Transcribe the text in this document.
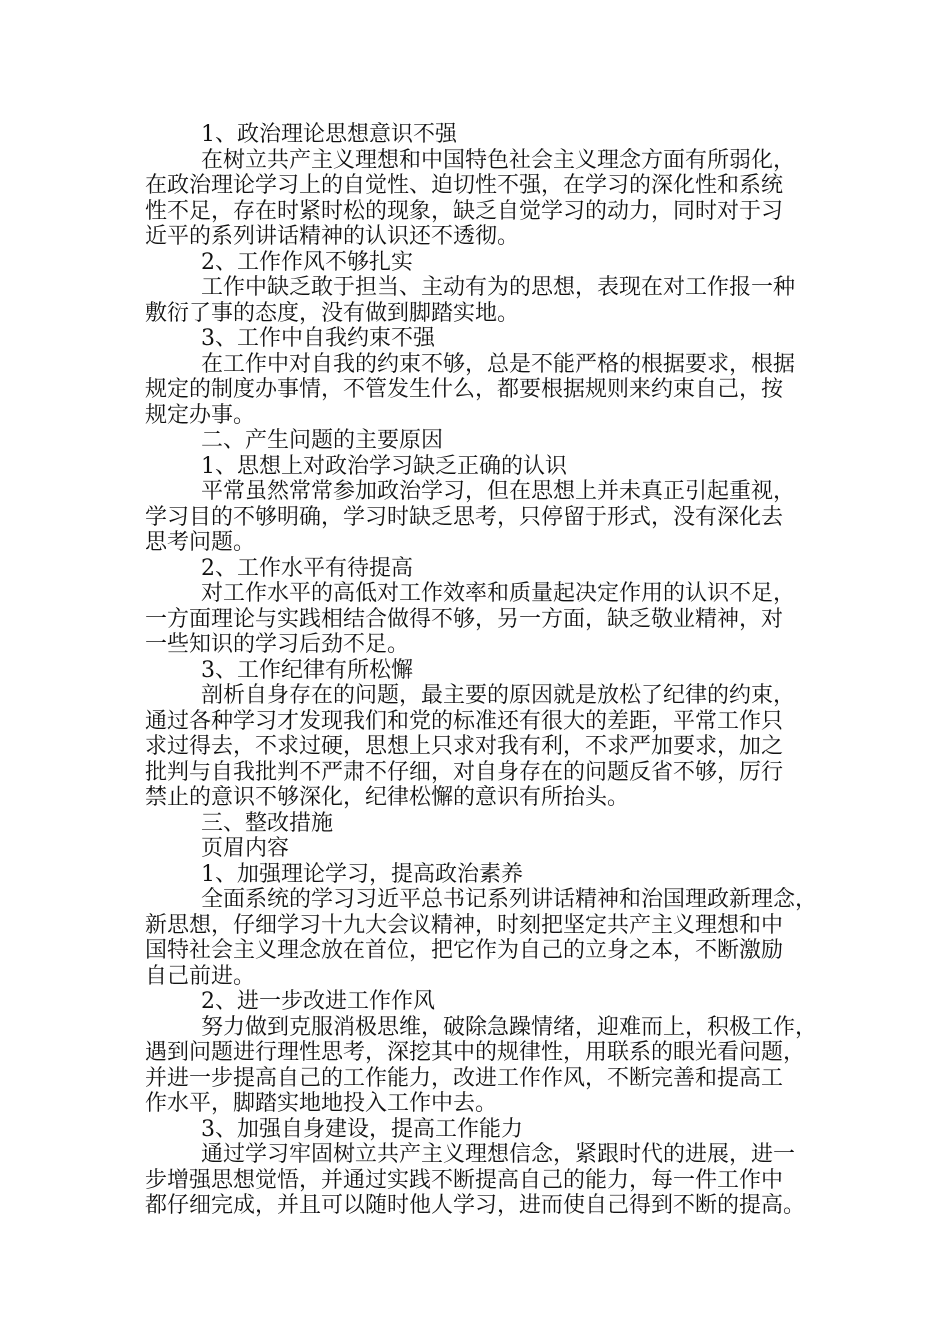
1、政治理论思想意识不强
在树立共产主义理想和中国特色社会主义理念方面有所弱化，
在政治理论学习上的自觉性、迫切性不强，在学习的深化性和系统
性不足，存在时紧时松的现象，缺乏自觉学习的动力，同时对于习
近平的系列讲话精神的认识还不透彻。
2、工作作风不够扎实
工作中缺乏敢于担当、主动有为的思想，表现在对工作报一种
敷衍了事的态度，没有做到脚踏实地。
3、工作中自我约束不强
在工作中对自我的约束不够，总是不能严格的根据要求，根据
规定的制度办事情，不管发生什么，都要根据规则来约束自己，按
规定办事。
二、产生问题的主要原因
1、思想上对政治学习缺乏正确的认识
平常虽然常常参加政治学习，但在思想上并未真正引起重视，
学习目的不够明确，学习时缺乏思考，只停留于形式，没有深化去
思考问题。
2、工作水平有待提高
对工作水平的高低对工作效率和质量起决定作用的认识不足，
一方面理论与实践相结合做得不够，另一方面，缺乏敬业精神，对
一些知识的学习后劲不足。
3、工作纪律有所松懈
剖析自身存在的问题，最主要的原因就是放松了纪律的约束，
通过各种学习才发现我们和党的标准还有很大的差距，平常工作只
求过得去，不求过硬，思想上只求对我有利，不求严加要求，加之
批判与自我批判不严肃不仔细，对自身存在的问题反省不够，厉行
禁止的意识不够深化，纪律松懈的意识有所抬头。
三、整改措施
页眉内容
1、加强理论学习，提高政治素养
全面系统的学习习近平总书记系列讲话精神和治国理政新理念，
新思想，仔细学习十九大会议精神，时刻把坚定共产主义理想和中
国特社会主义理念放在首位，把它作为自己的立身之本，不断激励
自己前进。
2、进一步改进工作作风
努力做到克服消极思维，破除急躁情绪，迎难而上，积极工作，
遇到问题进行理性思考，深挖其中的规律性，用联系的眼光看问题，
并进一步提高自己的工作能力，改进工作作风，不断完善和提高工
作水平，脚踏实地地投入工作中去。
3、加强自身建设，提高工作能力
通过学习牢固树立共产主义理想信念，紧跟时代的进展，进一
步增强思想觉悟，并通过实践不断提高自己的能力，每一件工作中
都仔细完成，并且可以随时他人学习，进而使自己得到不断的提高。
